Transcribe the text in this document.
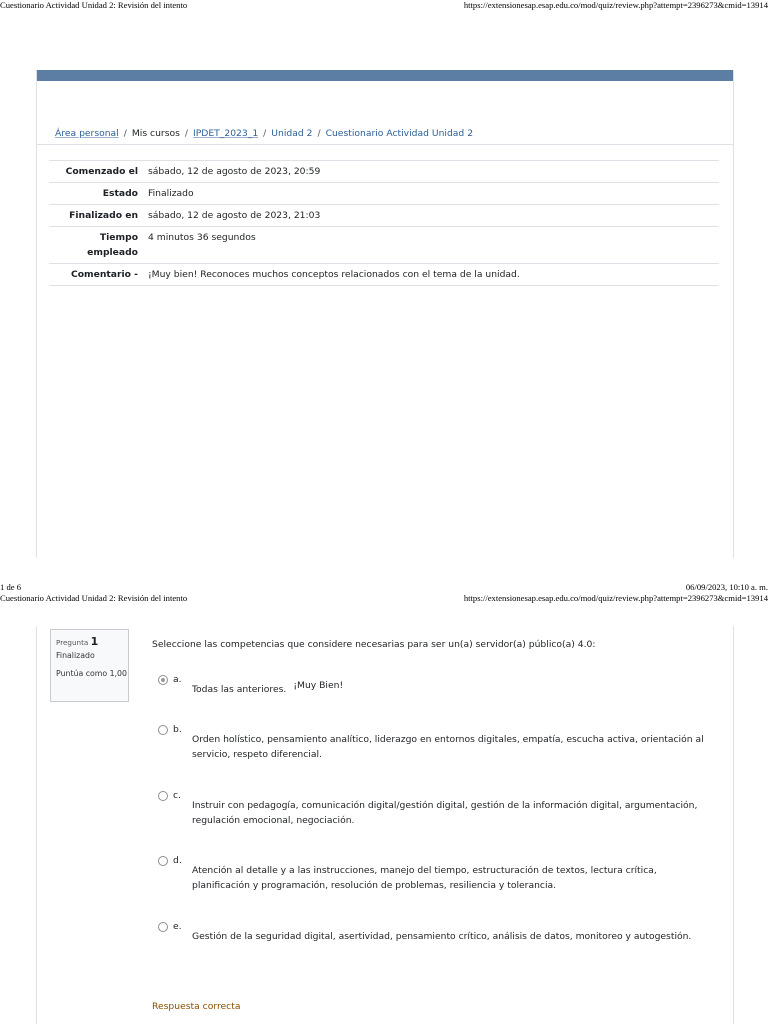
Cuestionario Actividad Unidad 2: Revisión del intento	https://extensionesap.esap.edu.co/mod/quiz/review.php?attempt=2396273&cmid=13914
Área personal / Mis cursos / IPDET_2023_1 / Unidad 2 / Cuestionario Actividad Unidad 2
Comenzado el	sábado, 12 de agosto de 2023, 20:59
Estado	Finalizado
Finalizado en	sábado, 12 de agosto de 2023, 21:03
Tiempo empleado	4 minutos 36 segundos
Comentario -	¡Muy bien! Reconoces muchos conceptos relacionados con el tema de la unidad.
1 de 6	06/09/2023, 10:10 a. m.
Cuestionario Actividad Unidad 2: Revisión del intento	https://extensionesap.esap.edu.co/mod/quiz/review.php?attempt=2396273&cmid=13914
Pregunta 1
Finalizado
Puntúa como 1,00
Seleccione las competencias que considere necesarias para ser un(a) servidor(a) público(a) 4.0:
a.
Todas las anteriores. ¡Muy Bien!
b.
Orden holístico, pensamiento analítico, liderazgo en entornos digitales, empatía, escucha activa, orientación al servicio, respeto diferencial.
c.
Instruir con pedagogía, comunicación digital/gestión digital, gestión de la información digital, argumentación, regulación emocional, negociación.
d.
Atención al detalle y a las instrucciones, manejo del tiempo, estructuración de textos, lectura crítica, planificación y programación, resolución de problemas, resiliencia y tolerancia.
e.
Gestión de la seguridad digital, asertividad, pensamiento crítico, análisis de datos, monitoreo y autogestión.
Respuesta correcta
